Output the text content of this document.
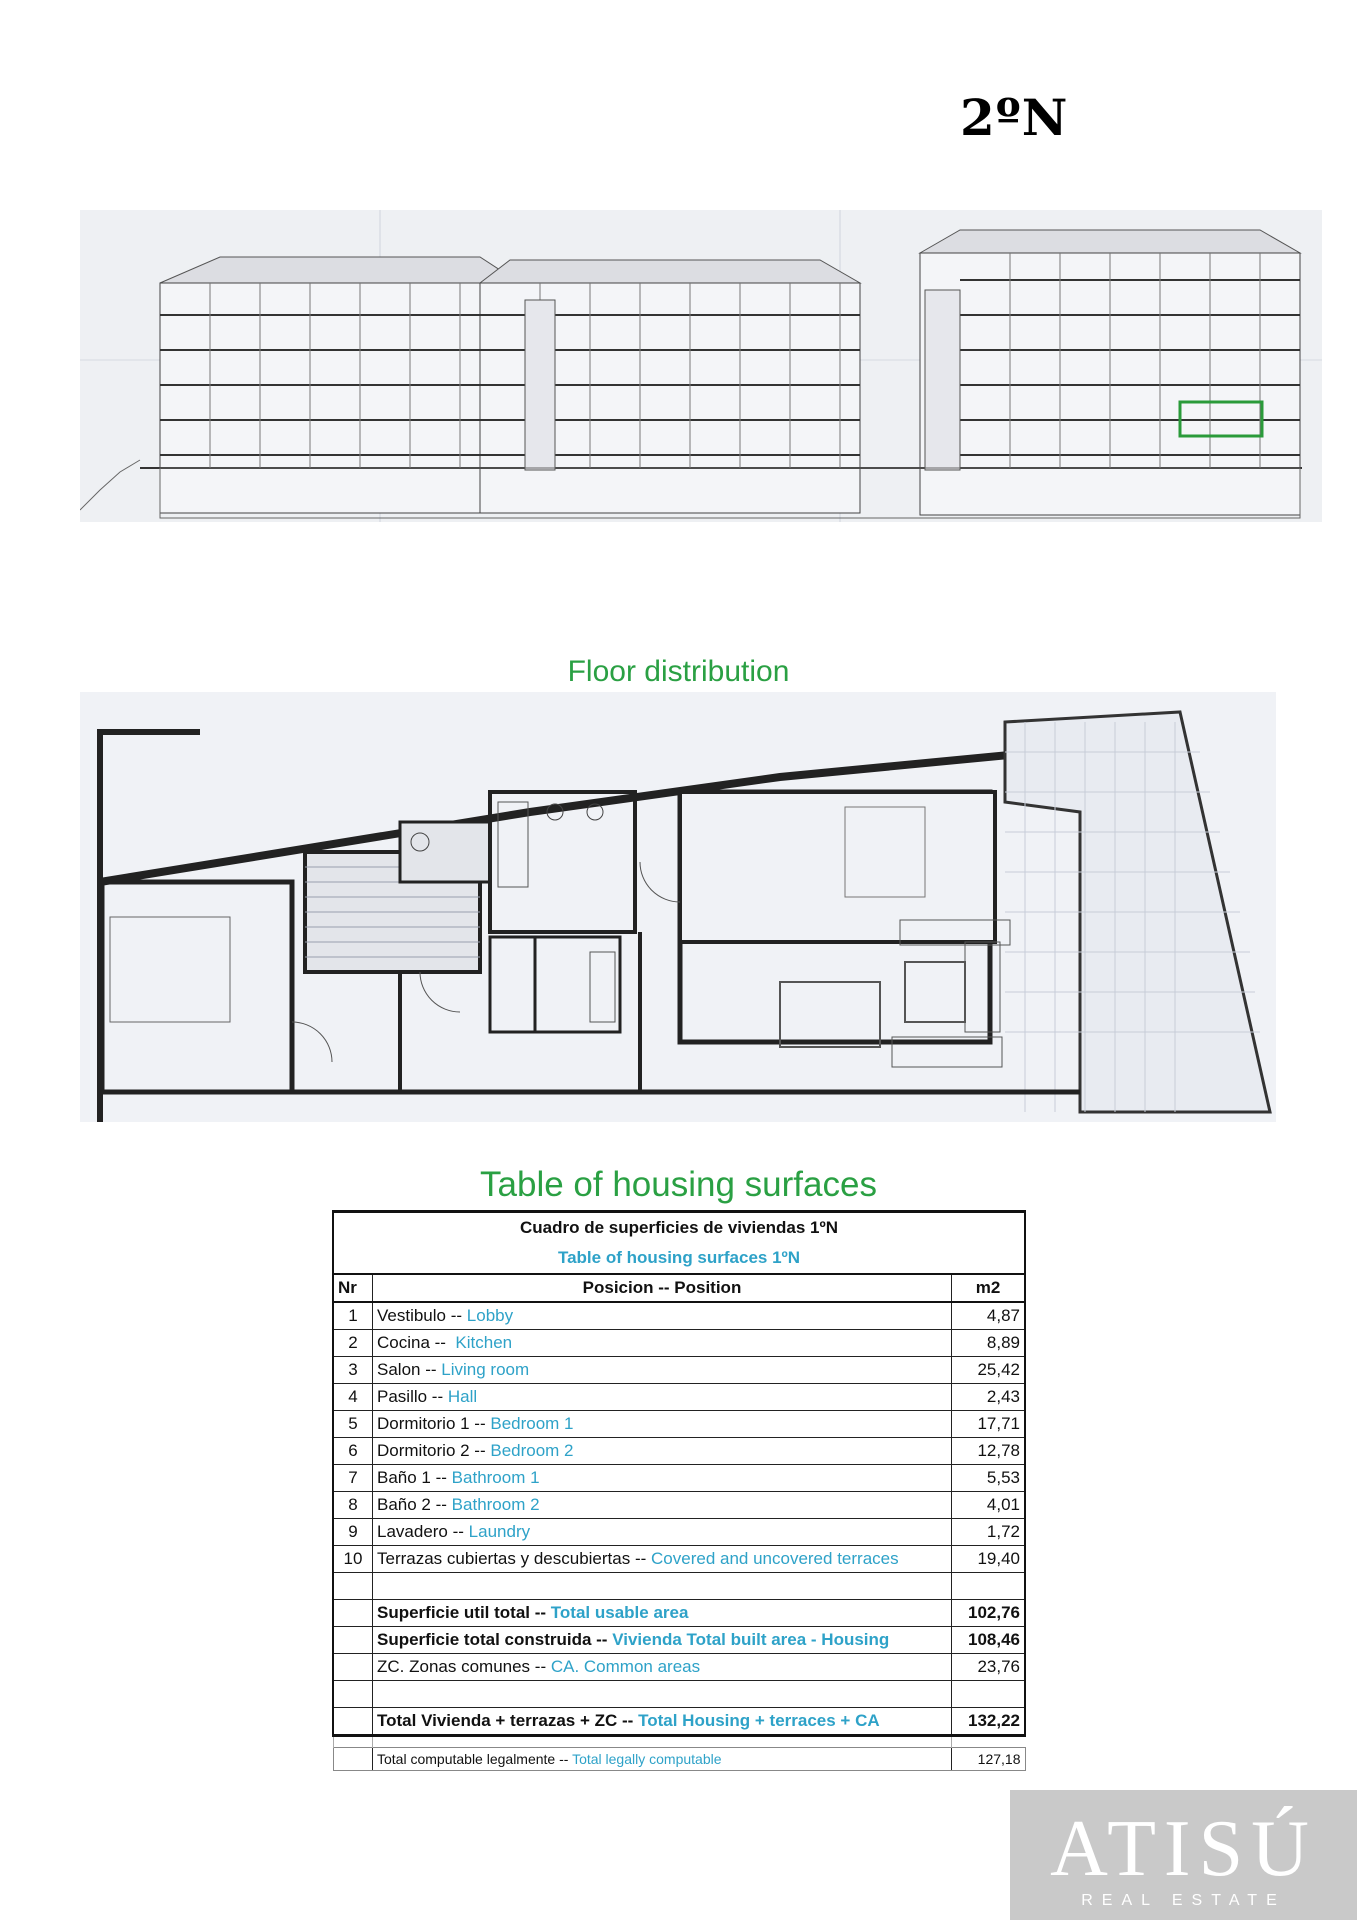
2ºN
Floor distribution
Table of housing surfaces
Cuadro de superficies de viviendas 1ºN		
Table of housing surfaces 1ºN		
Nr	Posicion -- Position	m2
1	Vestibulo -- Lobby	4,87
2	Cocina -- Kitchen	8,89
3	Salon -- Living room	25,42
4	Pasillo -- Hall	2,43
5	Dormitorio 1 -- Bedroom 1	17,71
6	Dormitorio 2 -- Bedroom 2	12,78
7	Baño 1 -- Bathroom 1	5,53
8	Baño 2 -- Bathroom 2	4,01
9	Lavadero -- Laundry	1,72
10	Terrazas cubiertas y descubiertas -- Covered and uncovered terraces	19,40

	Superficie util total -- Total usable area	102,76
	Superficie total construida -- Vivienda Total built area - Housing	108,46
	ZC. Zonas comunes -- CA. Common areas	23,76

	Total Vivienda + terrazas + ZC -- Total Housing + terraces + CA	132,22

	Total computable legalmente -- Total legally computable	127,18
ATISÚ
REAL ESTATE
